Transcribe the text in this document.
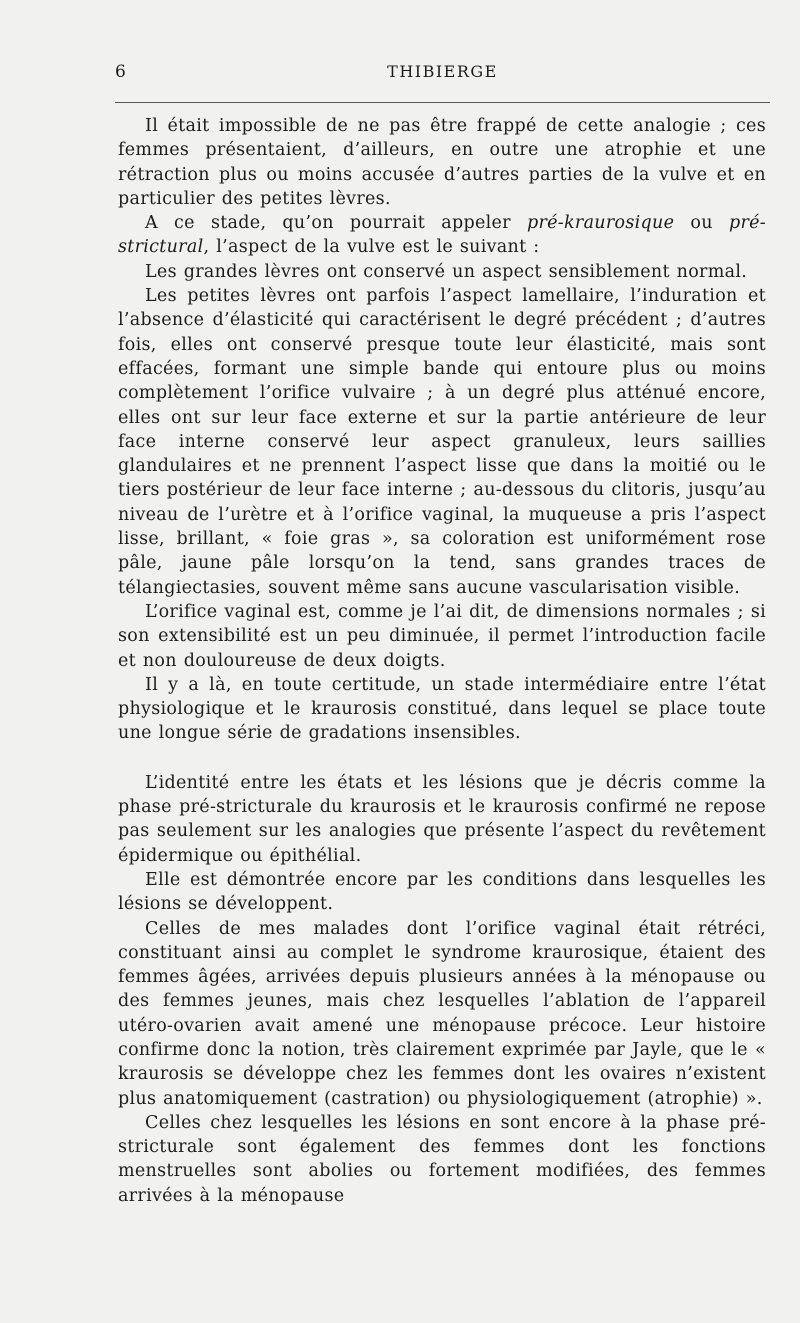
6	THIBIERGE

Il était impossible de ne pas être frappé de cette analogie ; ces femmes présentaient, d’ailleurs, en outre une atrophie et une rétraction plus ou moins accusée d’autres parties de la vulve et en particulier des petites lèvres.

A ce stade, qu’on pourrait appeler pré-kraurosique ou pré-strictural, l’aspect de la vulve est le suivant :

Les grandes lèvres ont conservé un aspect sensiblement normal.

Les petites lèvres ont parfois l’aspect lamellaire, l’induration et l’absence d’élasticité qui caractérisent le degré précédent ; d’autres fois, elles ont conservé presque toute leur élasticité, mais sont effacées, formant une simple bande qui entoure plus ou moins complètement l’orifice vulvaire ; à un degré plus atténué encore, elles ont sur leur face externe et sur la partie antérieure de leur face interne conservé leur aspect granuleux, leurs saillies glandulaires et ne prennent l’aspect lisse que dans la moitié ou le tiers postérieur de leur face interne ; au-dessous du clitoris, jusqu’au niveau de l’urètre et à l’orifice vaginal, la muqueuse a pris l’aspect lisse, brillant, « foie gras », sa coloration est uniformément rose pâle, jaune pâle lorsqu’on la tend, sans grandes traces de télangiectasies, souvent même sans aucune vascularisation visible.

L’orifice vaginal est, comme je l’ai dit, de dimensions normales ; si son extensibilité est un peu diminuée, il permet l’introduction facile et non douloureuse de deux doigts.

Il y a là, en toute certitude, un stade intermédiaire entre l’état physiologique et le kraurosis constitué, dans lequel se place toute une longue série de gradations insensibles.

L’identité entre les états et les lésions que je décris comme la phase pré-stricturale du kraurosis et le kraurosis confirmé ne repose pas seulement sur les analogies que présente l’aspect du revêtement épidermique ou épithélial.

Elle est démontrée encore par les conditions dans lesquelles les lésions se développent.

Celles de mes malades dont l’orifice vaginal était rétréci, constituant ainsi au complet le syndrome kraurosique, étaient des femmes âgées, arrivées depuis plusieurs années à la ménopause ou des femmes jeunes, mais chez lesquelles l’ablation de l’appareil utéro-ovarien avait amené une ménopause précoce. Leur histoire confirme donc la notion, très clairement exprimée par Jayle, que le « kraurosis se développe chez les femmes dont les ovaires n’existent plus anatomiquement (castration) ou physiologiquement (atrophie) ».

Celles chez lesquelles les lésions en sont encore à la phase pré-stricturale sont également des femmes dont les fonctions menstruelles sont abolies ou fortement modifiées, des femmes arrivées à la ménopause
